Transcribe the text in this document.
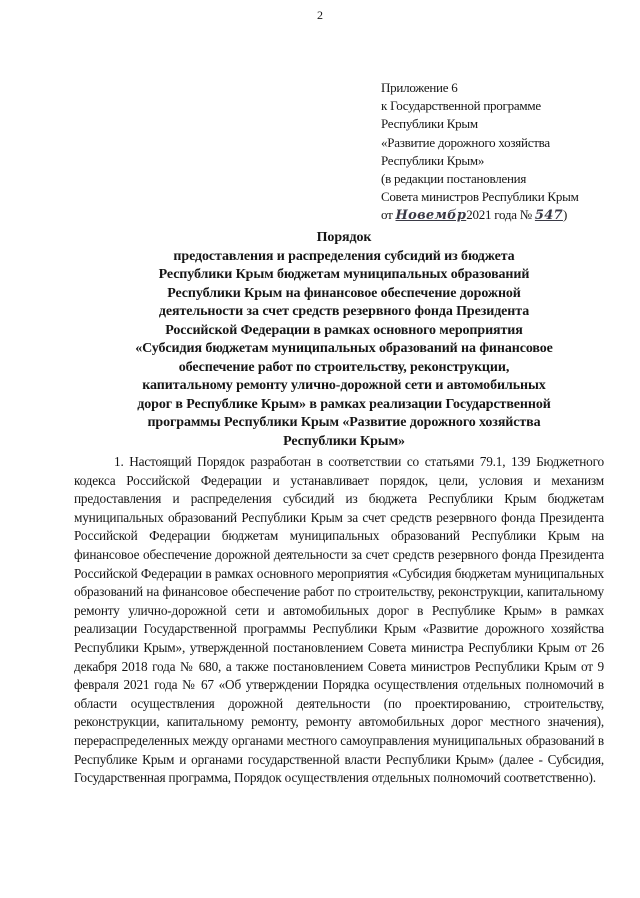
2
Приложение 6
к Государственной программе
Республики Крым
«Развитие дорожного хозяйства
Республики Крым»
(в редакции постановления
Совета министров Республики Крым
от Новембр2021 года № 547)
Порядок
предоставления и распределения субсидий из бюджета
Республики Крым бюджетам муниципальных образований
Республики Крым на финансовое обеспечение дорожной
деятельности за счет средств резервного фонда Президента
Российской Федерации в рамках основного мероприятия
«Субсидия бюджетам муниципальных образований на финансовое
обеспечение работ по строительству, реконструкции,
капитальному ремонту улично-дорожной сети и автомобильных
дорог в Республике Крым» в рамках реализации Государственной
программы Республики Крым «Развитие дорожного хозяйства
Республики Крым»

1. Настоящий Порядок разработан в соответствии со статьями 79.1, 139 Бюджетного кодекса Российской Федерации и устанавливает порядок, цели, условия и механизм предоставления и распределения субсидий из бюджета Республики Крым бюджетам муниципальных образований Республики Крым за счет средств резервного фонда Президента Российской Федерации бюджетам муниципальных образований Республики Крым на финансовое обеспечение дорожной деятельности за счет средств резервного фонда Президента Российской Федерации в рамках основного мероприятия «Субсидия бюджетам муниципальных образований на финансовое обеспечение работ по строительству, реконструкции, капитальному ремонту улично-дорожной сети и автомобильных дорог в Республике Крым» в рамках реализации Государственной программы Республики Крым «Развитие дорожного хозяйства Республики Крым», утвержденной постановлением Совета министра Республики Крым от 26 декабря 2018 года № 680, а также постановлением Совета министров Республики Крым от 9 февраля 2021 года № 67 «Об утверждении Порядка осуществления отдельных полномочий в области осуществления дорожной деятельности (по проектированию, строительству, реконструкции, капитальному ремонту, ремонту автомобильных дорог местного значения), перераспределенных между органами местного самоуправления муниципальных образований в Республике Крым и органами государственной власти Республики Крым» (далее - Субсидия, Государственная программа, Порядок осуществления отдельных полномочий соответственно).
